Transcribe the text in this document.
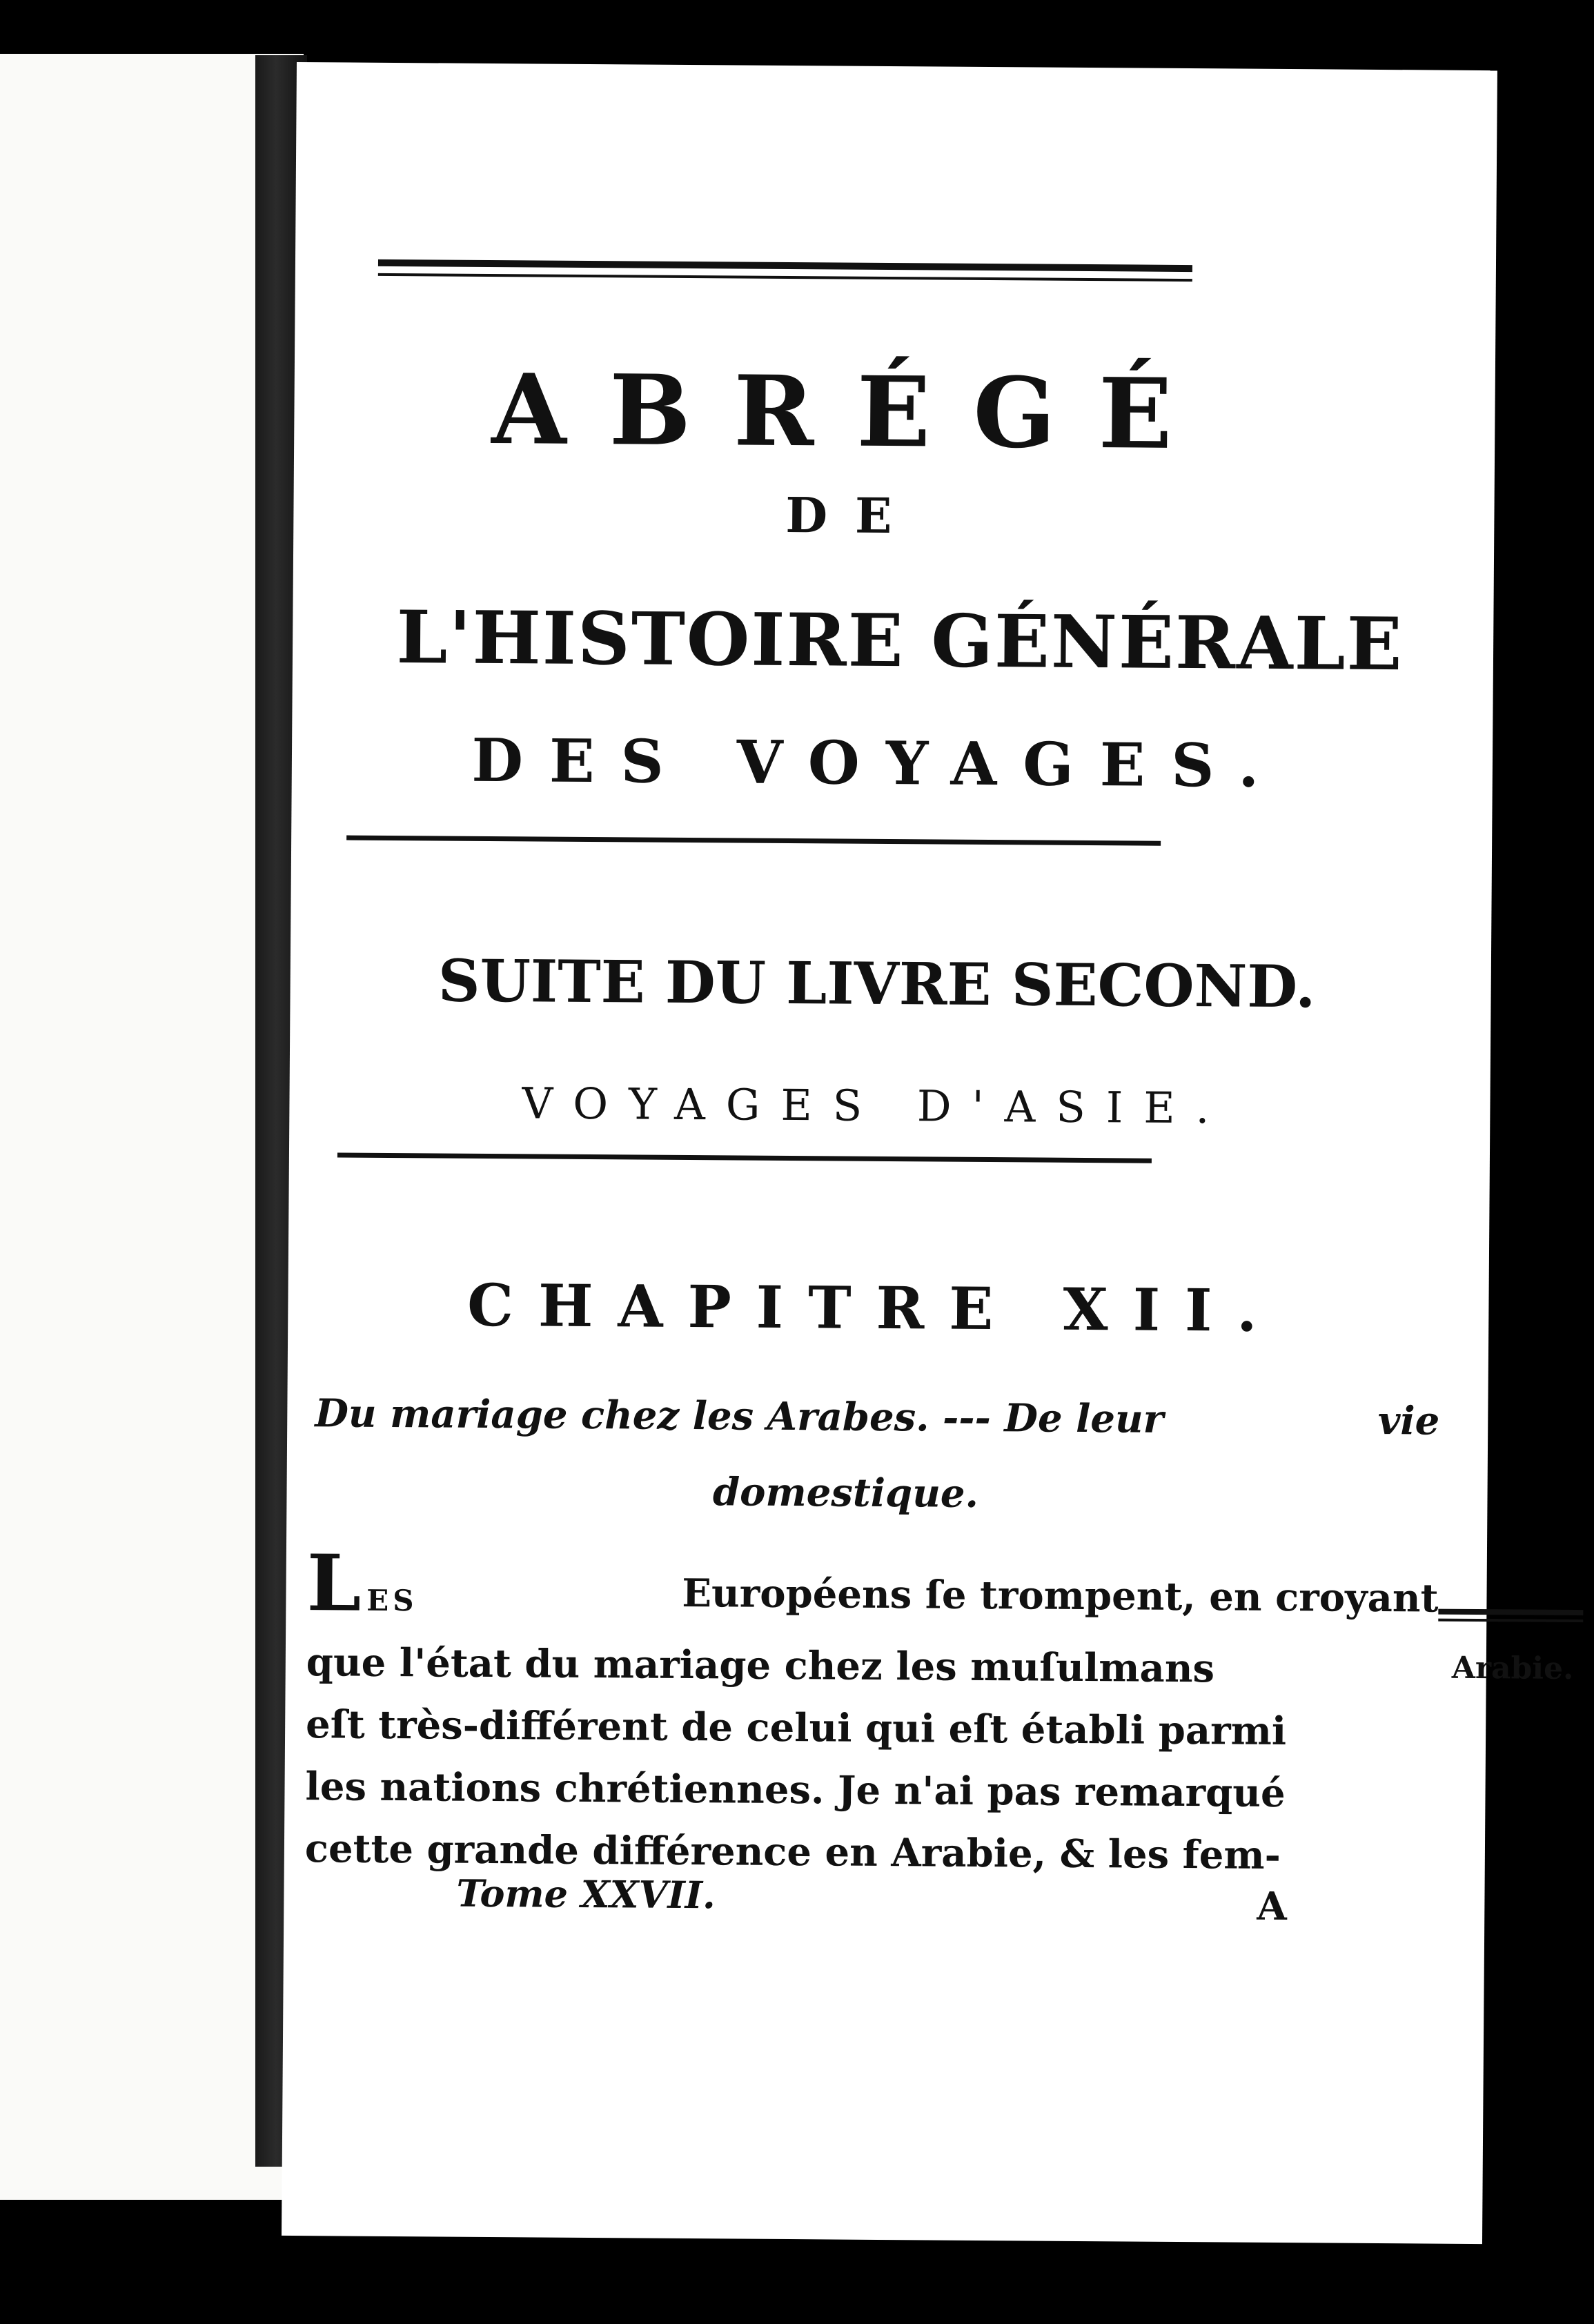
ABRÉGÉ
DE
L'HISTOIRE GÉNÉRALE
DES VOYAGES.
SUITE DU LIVRE SECOND.
VOYAGES D'ASIE.
CHAPITRE XII.
Du mariage chez les Arabes. --- De leur	vie
domestique.
LES	Européens ſe trompent, en croyant
que l'état du mariage chez les muſulmans
eſt très-différent de celui qui eſt établi parmi
les nations chrétiennes. Je n'ai pas remarqué
cette grande différence en Arabie, & les fem-
Arabie.
Tome XXVII.	A
